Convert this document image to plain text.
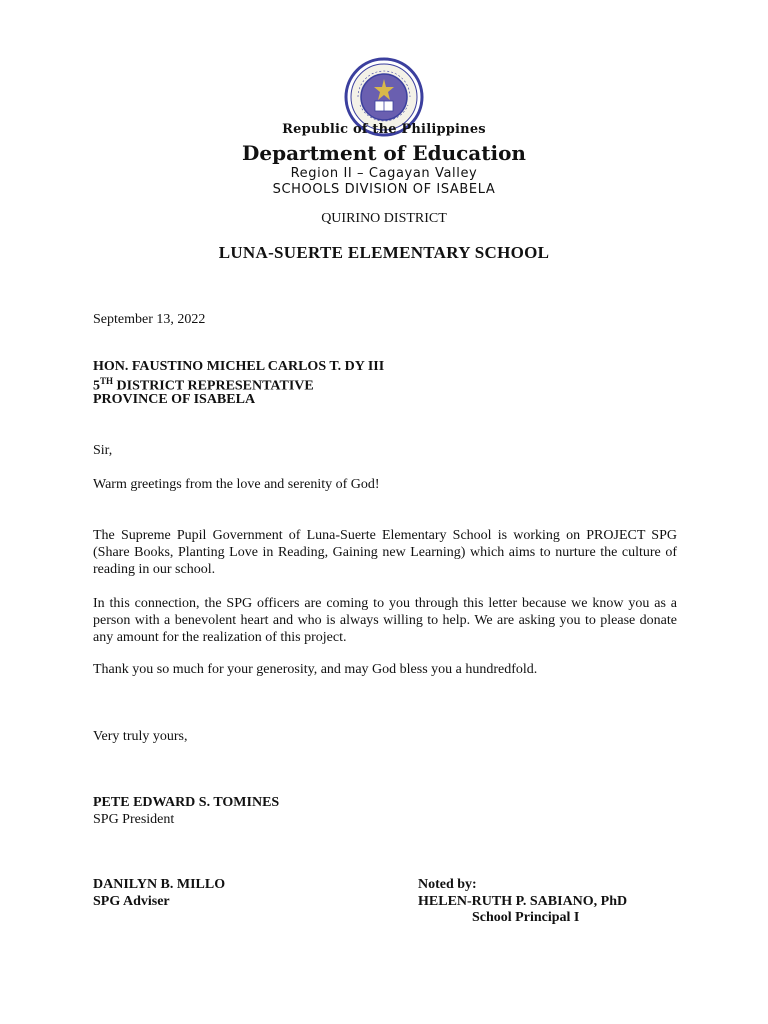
Republic of the Philippines
Department of Education
Region II – Cagayan Valley
SCHOOLS DIVISION OF ISABELA
QUIRINO DISTRICT
LUNA-SUERTE ELEMENTARY SCHOOL
September 13, 2022
HON. FAUSTINO MICHEL CARLOS T. DY III
5TH DISTRICT REPRESENTATIVE
PROVINCE OF ISABELA
Sir,
Warm greetings from the love and serenity of God!
The Supreme Pupil Government of Luna-Suerte Elementary School is working on PROJECT SPG (Share Books, Planting Love in Reading, Gaining new Learning) which aims to nurture the culture of reading in our school.
In this connection, the SPG officers are coming to you through this letter because we know you as a person with a benevolent heart and who is always willing to help. We are asking you to please donate any amount for the realization of this project.
Thank you so much for your generosity, and may God bless you a hundredfold.
Very truly yours,
PETE EDWARD S. TOMINES
SPG President
DANILYN B. MILLO
SPG Adviser
Noted by:
HELEN-RUTH P. SABIANO, PhD
School Principal I
